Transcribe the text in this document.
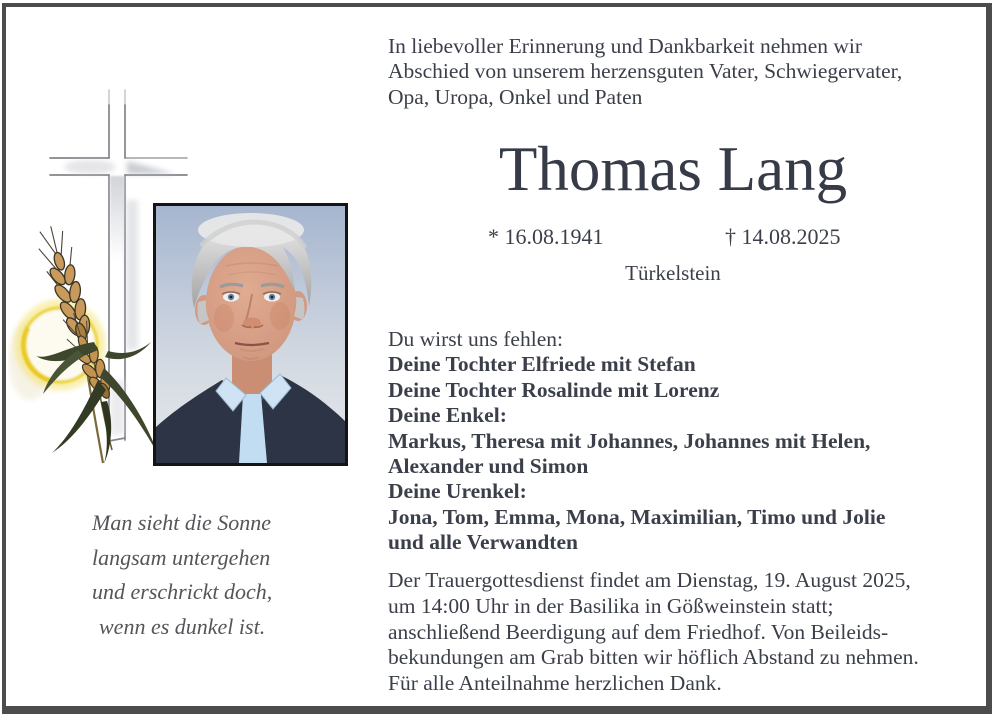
Man sieht die Sonne
langsam untergehen
und erschrickt doch,
wenn es dunkel ist.
In liebevoller Erinnerung und Dankbarkeit nehmen wir
Abschied von unserem herzensguten Vater, Schwiegervater,
Opa, Uropa, Onkel und Paten
Thomas Lang
* 16.08.1941	† 14.08.2025
Türkelstein
Du wirst uns fehlen:
Deine Tochter Elfriede mit Stefan
Deine Tochter Rosalinde mit Lorenz
Deine Enkel:
Markus, Theresa mit Johannes, Johannes mit Helen,
Alexander und Simon
Deine Urenkel:
Jona, Tom, Emma, Mona, Maximilian, Timo und Jolie
und alle Verwandten
Der Trauergottesdienst findet am Dienstag, 19. August 2025,
um 14:00 Uhr in der Basilika in Gößweinstein statt;
anschließend Beerdigung auf dem Friedhof. Von Beileids-
bekundungen am Grab bitten wir höflich Abstand zu nehmen.
Für alle Anteilnahme herzlichen Dank.
